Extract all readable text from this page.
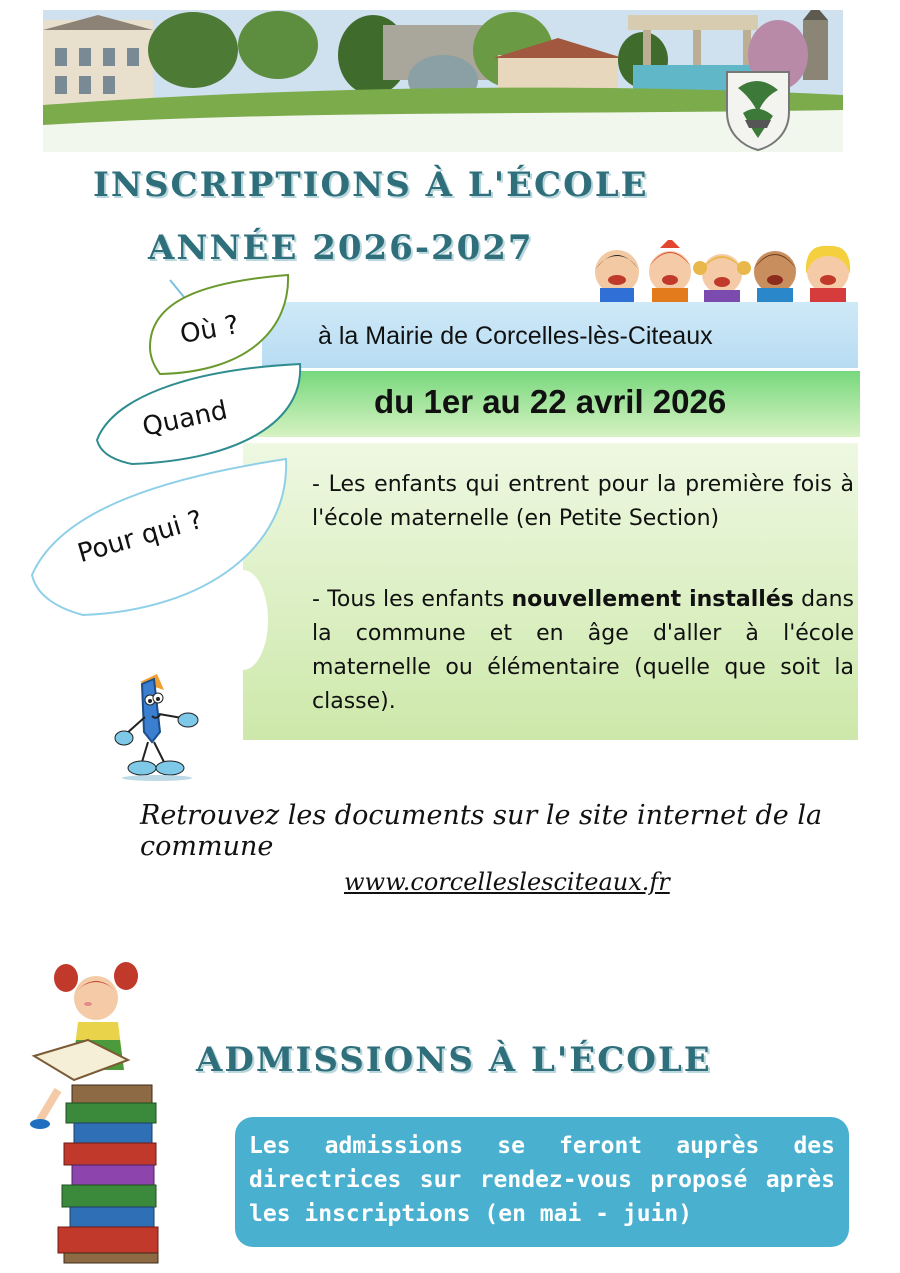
INSCRIPTIONS À L'ÉCOLE
ANNÉE 2026-2027
Où ?
Quand
Pour qui ?
à la Mairie de Corcelles-lès-Citeaux
du 1er au 22 avril 2026
- Les enfants qui entrent pour la première fois à l'école maternelle (en Petite Section)
- Tous les enfants nouvellement installés dans la commune et en âge d'aller à l'école maternelle ou élémentaire (quelle que soit la classe).
Retrouvez les documents sur le site internet de la commune
www.corcelleslesciteaux.fr
ADMISSIONS À L'ÉCOLE
Les admissions se feront auprès des directrices sur rendez-vous proposé après les inscriptions (en mai - juin)
